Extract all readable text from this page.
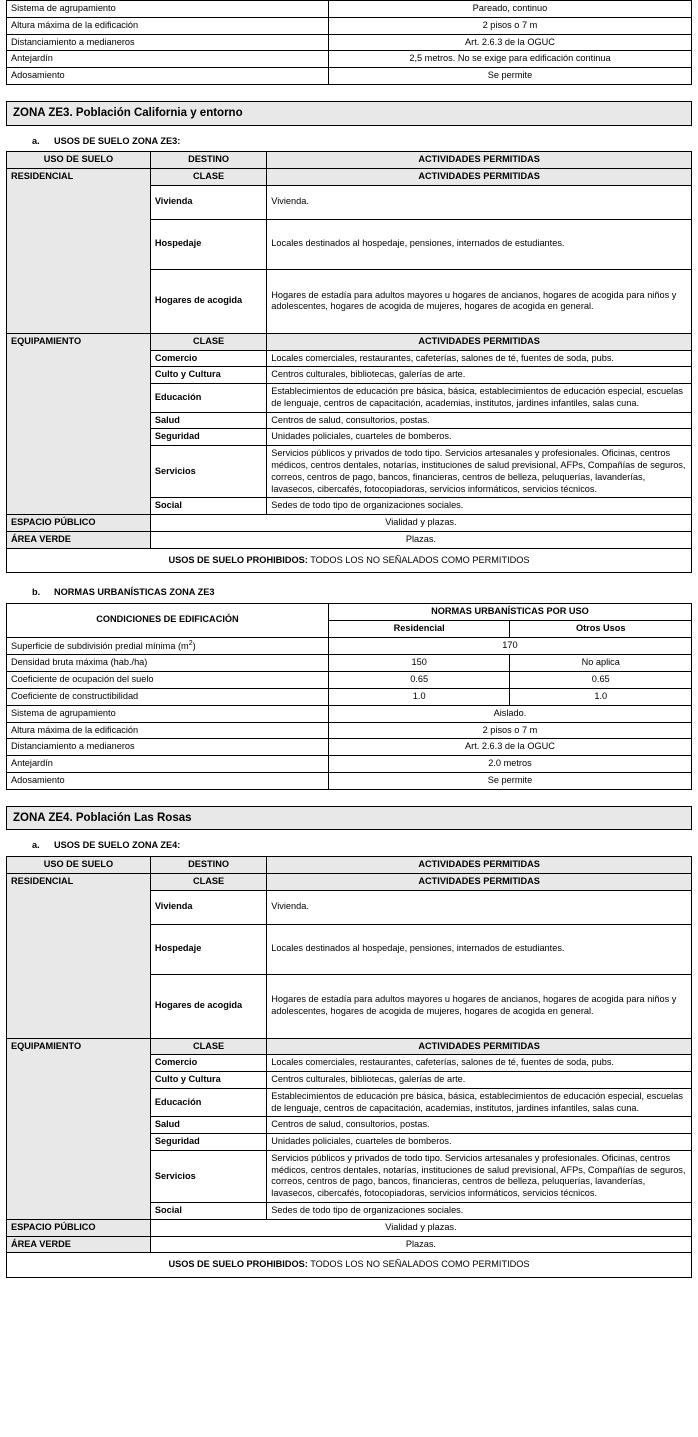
Sistema de agrupamiento	Pareado, continuo
Altura máxima de la edificación	2 pisos o 7 m
Distanciamiento a medianeros	Art. 2.6.3 de la OGUC
Antejardín	2,5 metros. No se exige para edificación continua
Adosamiento	Se permite
ZONA ZE3. Población California y entorno
a. USOS DE SUELO ZONA ZE3:
USO DE SUELO	DESTINO	ACTIVIDADES PERMITIDAS
RESIDENCIAL	CLASE	ACTIVIDADES PERMITIDAS
	Vivienda	Vivienda.
	Hospedaje	Locales destinados al hospedaje, pensiones, internados de estudiantes.
	Hogares de acogida	Hogares de estadía para adultos mayores u hogares de ancianos, hogares de acogida para niños y adolescentes, hogares de acogida de mujeres, hogares de acogida en general.
EQUIPAMIENTO	CLASE	ACTIVIDADES PERMITIDAS
	Comercio	Locales comerciales, restaurantes, cafeterías, salones de té, fuentes de soda, pubs.
	Culto y Cultura	Centros culturales, bibliotecas, galerías de arte.
	Educación	Establecimientos de educación pre básica, básica, establecimientos de educación especial, escuelas de lenguaje, centros de capacitación, academias, institutos, jardines infantiles, salas cuna.
	Salud	Centros de salud, consultorios, postas.
	Seguridad	Unidades policiales, cuarteles de bomberos.
	Servicios	Servicios públicos y privados de todo tipo. Servicios artesanales y profesionales. Oficinas, centros médicos, centros dentales, notarías, instituciones de salud previsional, AFPs, Compañías de seguros, correos, centros de pago, bancos, financieras, centros de belleza, peluquerías, lavanderías, lavasecos, cibercafés, fotocopiadoras, servicios informáticos, servicios técnicos.
	Social	Sedes de todo tipo de organizaciones sociales.
ESPACIO PÚBLICO	Vialidad y plazas.	
ÁREA VERDE	Plazas.	
USOS DE SUELO PROHIBIDOS: TODOS LOS NO SEÑALADOS COMO PERMITIDOS		
b. NORMAS URBANÍSTICAS ZONA ZE3
CONDICIONES DE EDIFICACIÓN	NORMAS URBANÍSTICAS POR USO	
	Residencial	Otros Usos
Superficie de subdivisión predial mínima $(m^2)$	170	
Densidad bruta máxima (hab./ha)	150	No aplica
Coeficiente de ocupación del suelo	0.65	0.65
Coeficiente de constructibilidad	1.0	1.0
Sistema de agrupamiento	Aislado.	
Altura máxima de la edificación	2 pisos o 7 m	
Distanciamiento a medianeros	Art. 2.6.3 de la OGUC	
Antejardín	2.0 metros	
Adosamiento	Se permite	
ZONA ZE4. Población Las Rosas
a. USOS DE SUELO ZONA ZE4:
USO DE SUELO	DESTINO	ACTIVIDADES PERMITIDAS
RESIDENCIAL	CLASE	ACTIVIDADES PERMITIDAS
	Vivienda	Vivienda.
	Hospedaje	Locales destinados al hospedaje, pensiones, internados de estudiantes.
	Hogares de acogida	Hogares de estadía para adultos mayores u hogares de ancianos, hogares de acogida para niños y adolescentes, hogares de acogida de mujeres, hogares de acogida en general.
EQUIPAMIENTO	CLASE	ACTIVIDADES PERMITIDAS
	Comercio	Locales comerciales, restaurantes, cafeterías, salones de té, fuentes de soda, pubs.
	Culto y Cultura	Centros culturales, bibliotecas, galerías de arte.
	Educación	Establecimientos de educación pre básica, básica, establecimientos de educación especial, escuelas de lenguaje, centros de capacitación, academias, institutos, jardines infantiles, salas cuna.
	Salud	Centros de salud, consultorios, postas.
	Seguridad	Unidades policiales, cuarteles de bomberos.
	Servicios	Servicios públicos y privados de todo tipo. Servicios artesanales y profesionales. Oficinas, centros médicos, centros dentales, notarías, instituciones de salud previsional, AFPs, Compañías de seguros, correos, centros de pago, bancos, financieras, centros de belleza, peluquerías, lavanderías, lavasecos, cibercafés, fotocopiadoras, servicios informáticos, servicios técnicos.
	Social	Sedes de todo tipo de organizaciones sociales.
ESPACIO PÚBLICO	Vialidad y plazas.	
ÁREA VERDE	Plazas.	
USOS DE SUELO PROHIBIDOS: TODOS LOS NO SEÑALADOS COMO PERMITIDOS		
